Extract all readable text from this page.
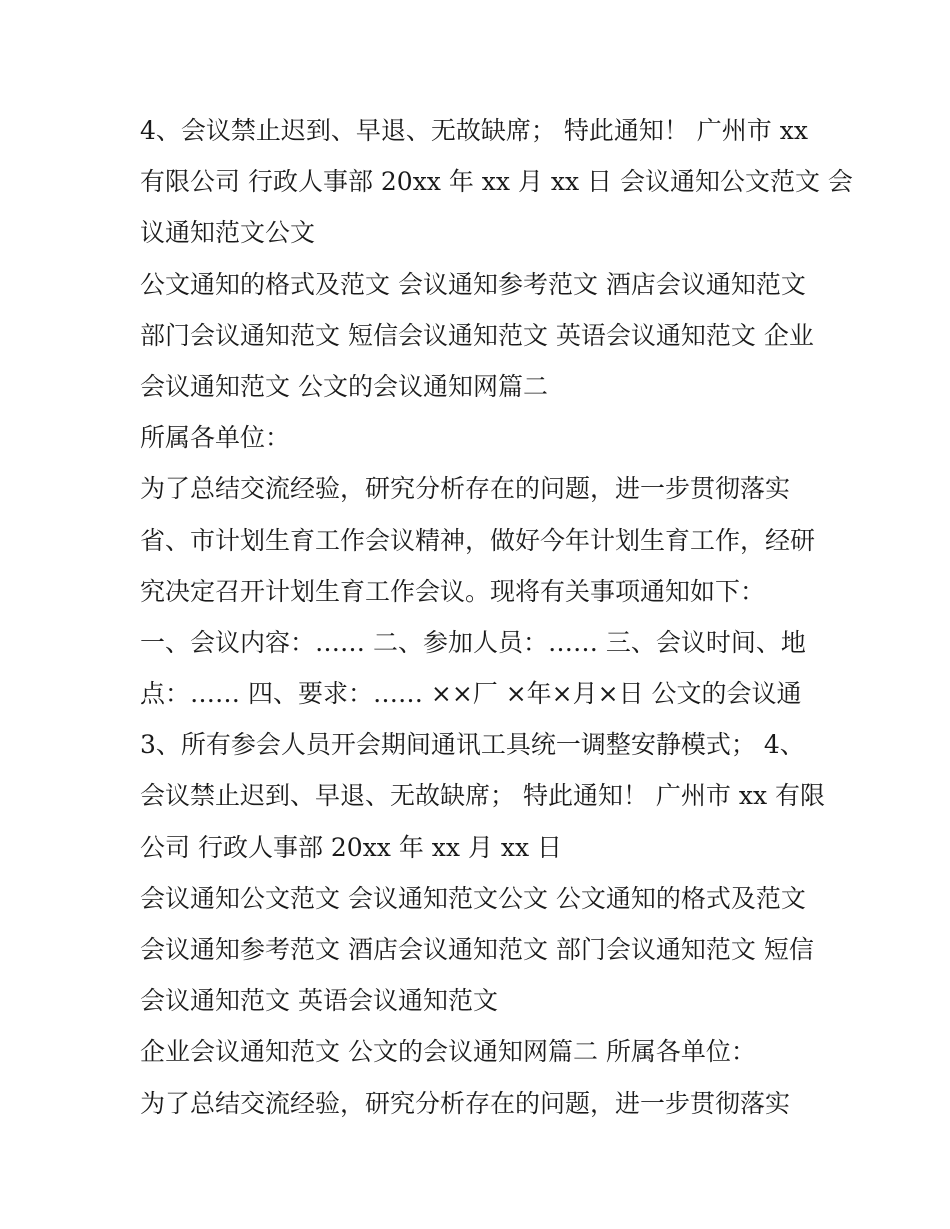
4、会议禁止迟到、早退、无故缺席； 特此通知！ 广州市 xx
有限公司 行政人事部 20xx 年 xx 月 xx 日 会议通知公文范文 会
议通知范文公文
公文通知的格式及范文 会议通知参考范文 酒店会议通知范文
部门会议通知范文 短信会议通知范文 英语会议通知范文 企业
会议通知范文 公文的会议通知网篇二
所属各单位：
为了总结交流经验，研究分析存在的问题，进一步贯彻落实
省、市计划生育工作会议精神，做好今年计划生育工作，经研
究决定召开计划生育工作会议。现将有关事项通知如下：
一、会议内容：…… 二、参加人员：…… 三、会议时间、地
点：…… 四、要求：…… ××厂 ×年×月×日 公文的会议通
3、所有参会人员开会期间通讯工具统一调整安静模式； 4、
会议禁止迟到、早退、无故缺席； 特此通知！ 广州市 xx 有限
公司 行政人事部 20xx 年 xx 月 xx 日
会议通知公文范文 会议通知范文公文 公文通知的格式及范文
会议通知参考范文 酒店会议通知范文 部门会议通知范文 短信
会议通知范文 英语会议通知范文
企业会议通知范文 公文的会议通知网篇二 所属各单位：
为了总结交流经验，研究分析存在的问题，进一步贯彻落实
